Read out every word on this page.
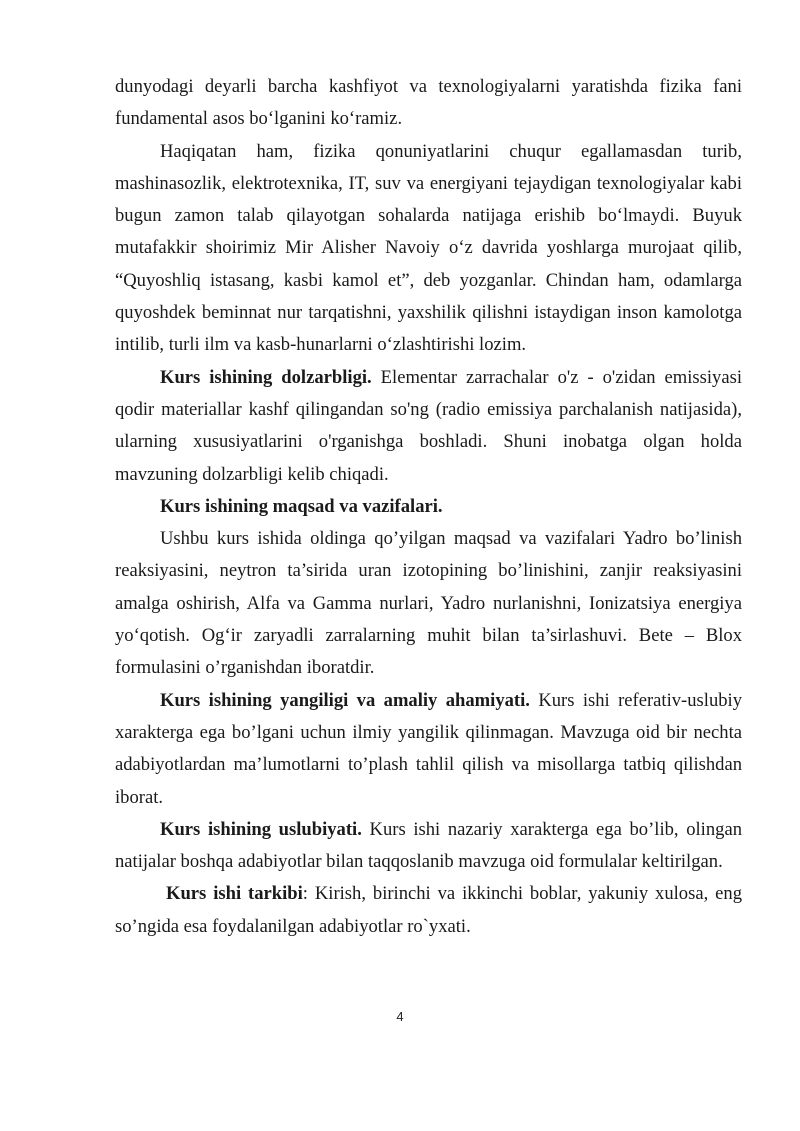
dunyodagi deyarli barcha kashfiyot va texnologiyalarni yaratishda fizika fani fundamental asos bo‘lganini ko‘ramiz.

Haqiqatan ham, fizika qonuniyatlarini chuqur egallamasdan turib, mashinasozlik, elektrotexnika, IT, suv va energiyani tejaydigan texnologiyalar kabi bugun zamon talab qilayotgan sohalarda natijaga erishib bo‘lmaydi. Buyuk mutafakkir shoirimiz Mir Alisher Navoiy o‘z davrida yoshlarga murojaat qilib, “Quyoshliq istasang, kasbi kamol et”, deb yozganlar. Chindan ham, odamlarga quyoshdek beminnat nur tarqatishni, yaxshilik qilishni istaydigan inson kamolotga intilib, turli ilm va kasb-hunarlarni o‘zlashtirishi lozim.

Kurs ishining dolzarbligi. Elementar zarrachalar o'z - o'zidan emissiyasi qodir materiallar kashf qilingandan so'ng (radio emissiya parchalanish natijasida), ularning xususiyatlarini o'rganishga boshladi. Shuni inobatga olgan holda mavzuning dolzarbligi kelib chiqadi.

Kurs ishining maqsad va vazifalari.

Ushbu kurs ishida oldinga qo’yilgan maqsad va vazifalari Yadro bo’linish reaksiyasini, neytron ta’sirida uran izotopining bo’linishini, zanjir reaksiyasini amalga oshirish, Alfa va Gamma nurlari, Yadro nurlanishni, Ionizatsiya energiya yo‘qotish. Og‘ir zaryadli zarralarning muhit bilan ta’sirlashuvi. Bete – Blox formulasini o’rganishdan iboratdir.

Kurs ishining yangiligi va amaliy ahamiyati. Kurs ishi referativ-uslubiy xarakterga ega bo’lgani uchun ilmiy yangilik qilinmagan. Mavzuga oid bir nechta adabiyotlardan ma’lumotlarni to’plash tahlil qilish va misollarga tatbiq qilishdan iborat.

Kurs ishining uslubiyati. Kurs ishi nazariy xarakterga ega bo’lib, olingan natijalar boshqa adabiyotlar bilan taqqoslanib mavzuga oid formulalar keltirilgan.

Kurs ishi tarkibi: Kirish, birinchi va ikkinchi boblar, yakuniy xulosa, eng so’ngida esa foydalanilgan adabiyotlar ro`yxati.

4
